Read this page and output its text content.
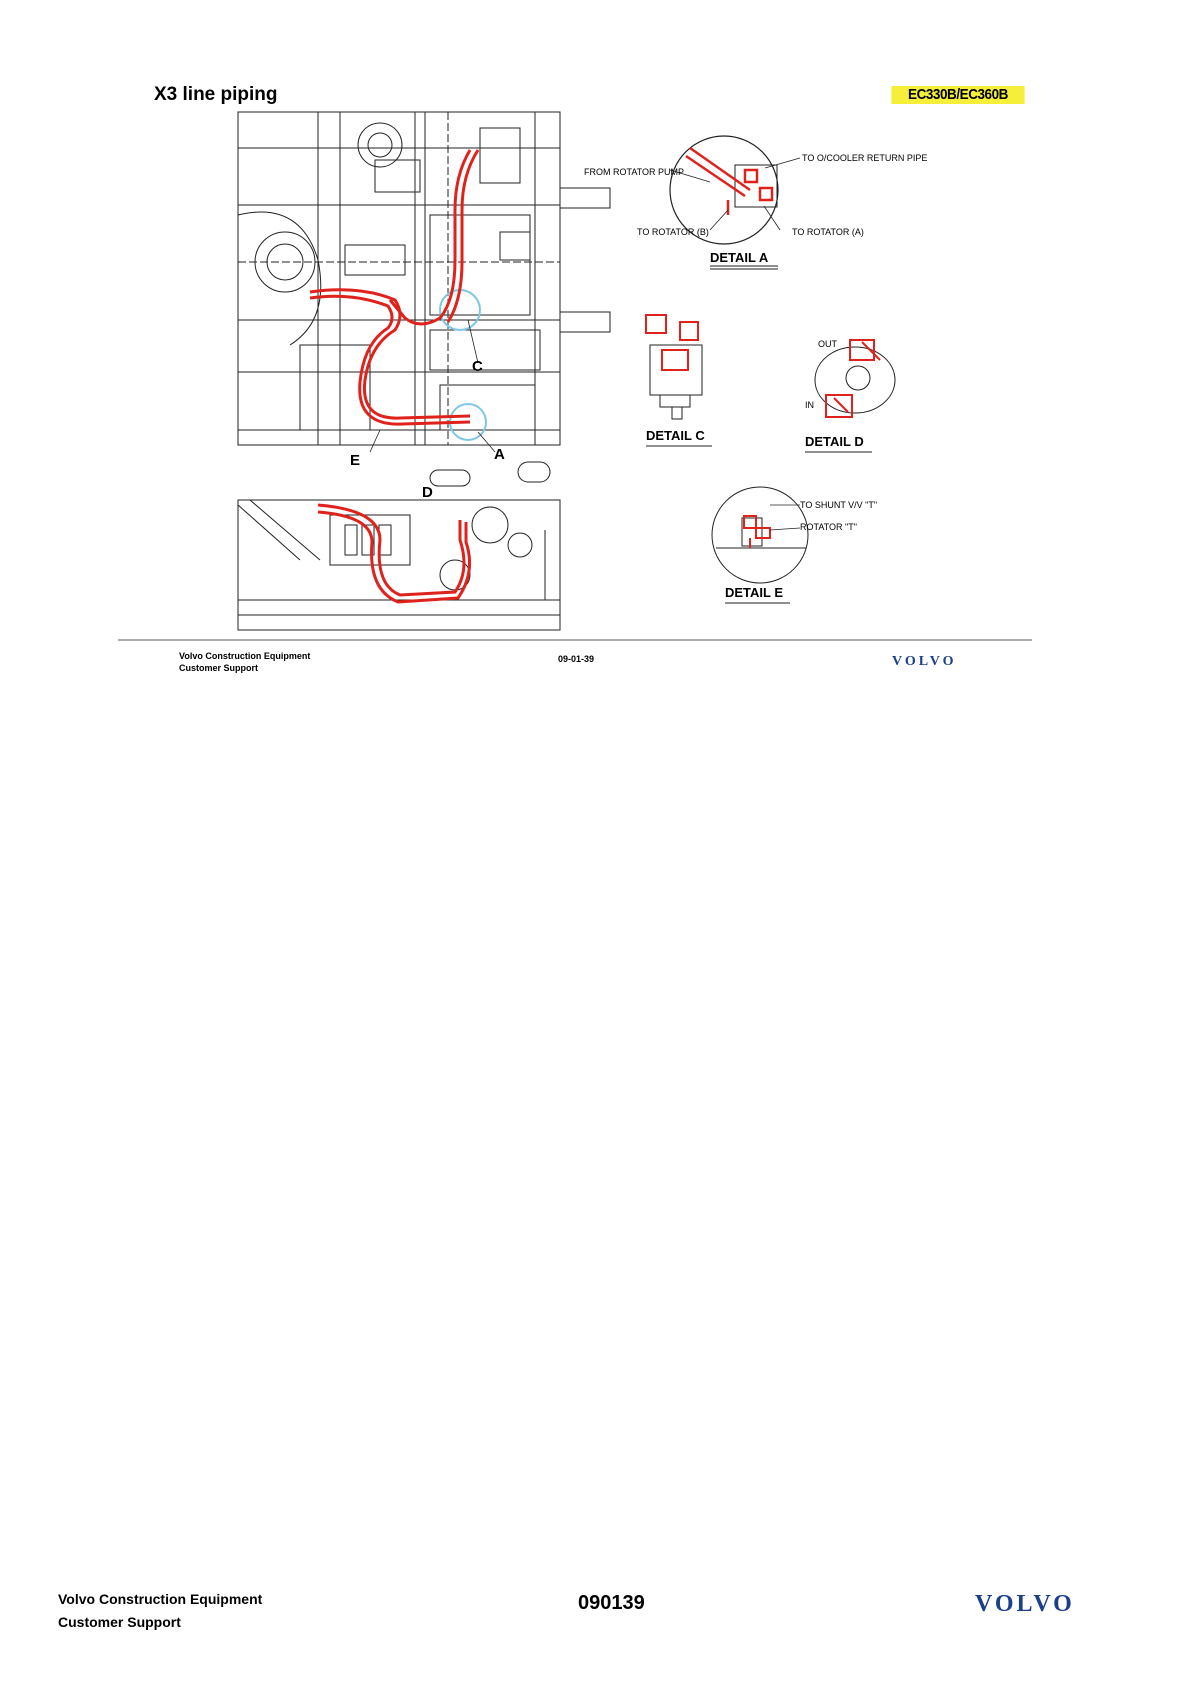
X3 line piping	EC330B/EC360B
FROM ROTATOR PUMP
TO O/COOLER RETURN PIPE
TO ROTATOR (B)	TO ROTATOR (A)
OUT
IN
TO SHUNT V/V "T"
ROTATOR "T"
C
E	A
D
DETAIL A
DETAIL C	DETAIL D
DETAIL E
Volvo Construction Equipment
Customer Support
09-01-39	VOLVO
Volvo Construction Equipment
Customer Support
090139	VOLVO
